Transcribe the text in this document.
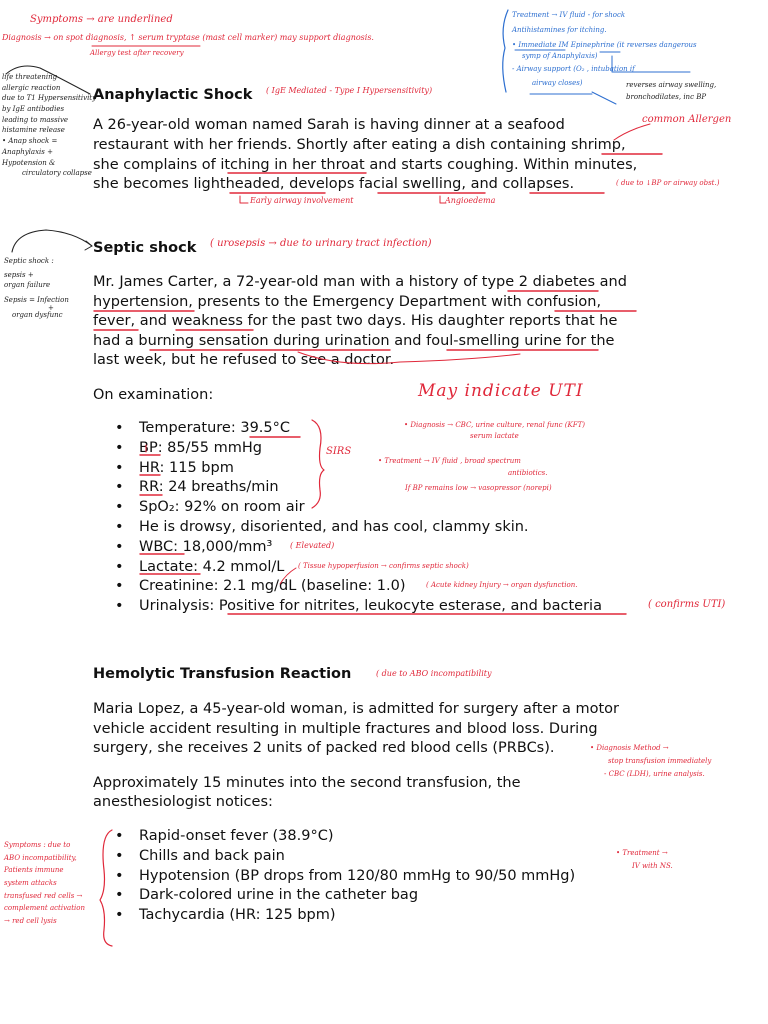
Symptoms → are underlined
Diagnosis → on spot diagnosis, ↑ serum tryptase (mast cell marker) may support diagnosis.
Allergy test after recovery
Treatment → IV fluid - for shock
Antihistamines for itching.
• Immediate IM Epinephrine (it reverses dangerous
symp of Anaphylaxis)
- Airway support (O₂ , intubation if
airway closes)	reverses airway swelling,
bronchodilates, inc BP
life threatening
allergic reaction
due to T1 Hypersensitivity
by IgE antibodies
leading to massive
histamine release
• Anap shock =
Anaphylaxis +
Hypotension &
circulatory collapse
Anaphylactic Shock ( IgE Mediated - Type I Hypersensitivity)
common Allergen
A 26-year-old woman named Sarah is having dinner at a seafood
restaurant with her friends. Shortly after eating a dish containing shrimp,
she complains of itching in her throat and starts coughing. Within minutes,
she becomes lightheaded, develops facial swelling, and collapses.	( due to ↓BP or airway obst.)
Early airway involvement	Angioedema
Septic shock :
sepsis +
organ failure
Sepsis = Infection
+
organ dysfunc
Septic shock ( urosepsis → due to urinary tract infection)
Mr. James Carter, a 72-year-old man with a history of type 2 diabetes and
hypertension, presents to the Emergency Department with confusion,
fever, and weakness for the past two days. His daughter reports that he
had a burning sensation during urination and foul-smelling urine for the
last week, but he refused to see a doctor.
May indicate UTI
On examination:
• Temperature: 39.5°C
• BP: 85/55 mmHg
• HR: 115 bpm
• RR: 24 breaths/min
• SpO₂: 92% on room air
• He is drowsy, disoriented, and has cool, clammy skin.
• WBC: 18,000/mm³
• Lactate: 4.2 mmol/L
• Creatinine: 2.1 mg/dL (baseline: 1.0)
• Urinalysis: Positive for nitrites, leukocyte esterase, and bacteria
SIRS
• Diagnosis → CBC, urine culture, renal func (KFT)
serum lactate
• Treatment → IV fluid , broad spectrum
antibiotics.
If BP remains low → vasopressor (norepi)
( Elevated)
( Tissue hypoperfusion → confirms septic shock)
( Acute kidney Injury → organ dysfunction.
( confirms UTI)
Hemolytic Transfusion Reaction	( due to ABO incompatibility
Maria Lopez, a 45-year-old woman, is admitted for surgery after a motor
vehicle accident resulting in multiple fractures and blood loss. During
surgery, she receives 2 units of packed red blood cells (PRBCs).	• Diagnosis Method →
stop transfusion immediately
- CBC (LDH), urine analysis.
Approximately 15 minutes into the second transfusion, the
anesthesiologist notices:
• Rapid-onset fever (38.9°C)
• Chills and back pain
• Hypotension (BP drops from 120/80 mmHg to 90/50 mmHg)
• Dark-colored urine in the catheter bag
• Tachycardia (HR: 125 bpm)
Symptoms : due to
ABO incompatibility,
Patients immune
system attacks
transfused red cells →
complement activation
→ red cell lysis
• Treatment →
IV with NS.
